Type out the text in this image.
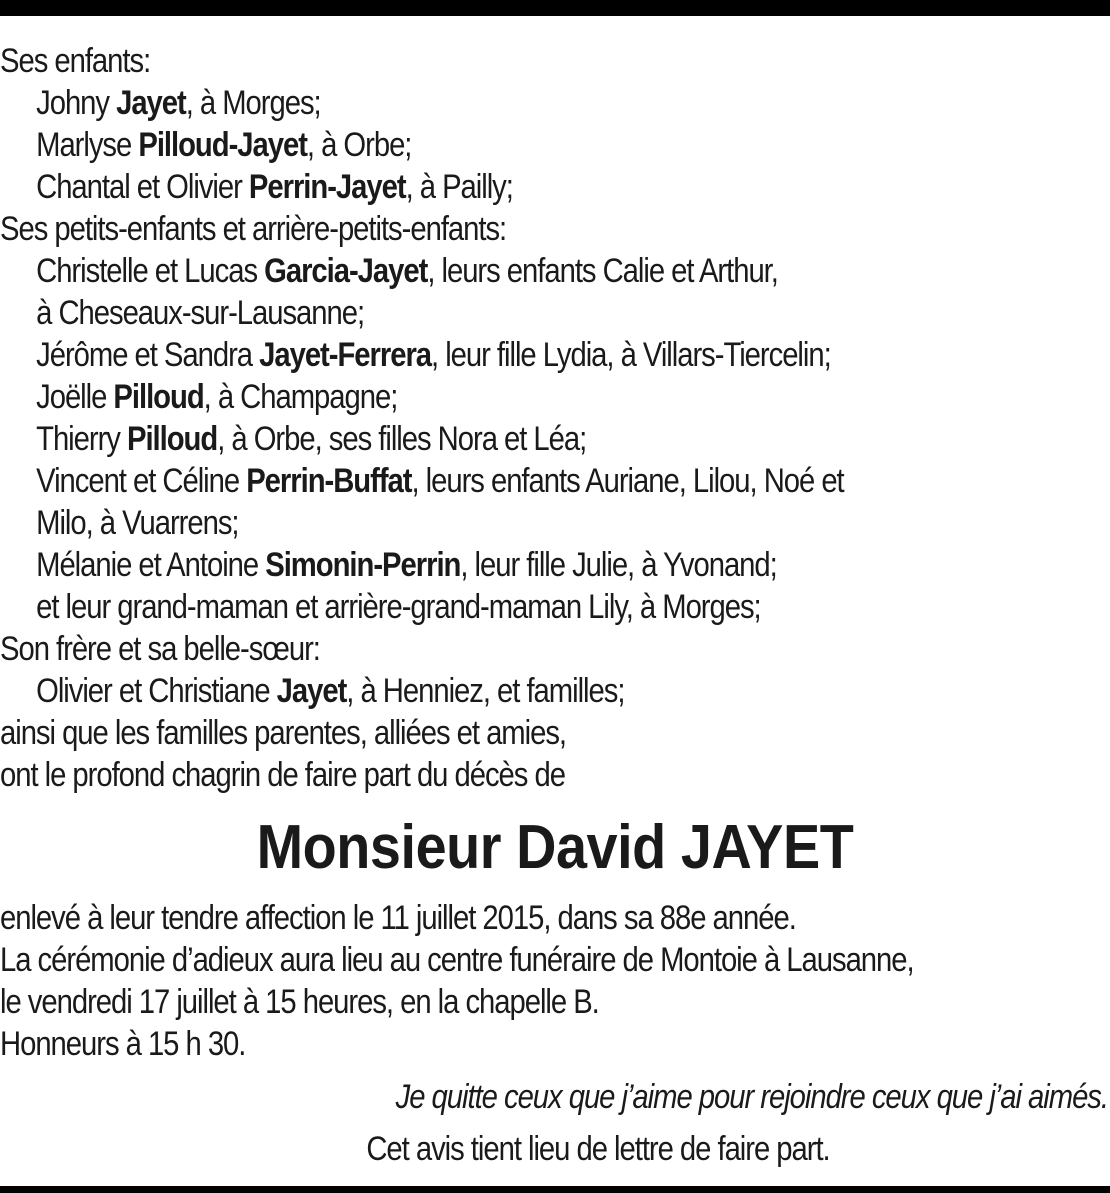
Ses enfants:
Johny Jayet, à Morges;
Marlyse Pilloud-Jayet, à Orbe;
Chantal et Olivier Perrin-Jayet, à Pailly;
Ses petits-enfants et arrière-petits-enfants:
Christelle et Lucas Garcia-Jayet, leurs enfants Calie et Arthur,
à Cheseaux-sur-Lausanne;
Jérôme et Sandra Jayet-Ferrera, leur fille Lydia, à Villars-Tiercelin;
Joëlle Pilloud, à Champagne;
Thierry Pilloud, à Orbe, ses filles Nora et Léa;
Vincent et Céline Perrin-Buffat, leurs enfants Auriane, Lilou, Noé et
Milo, à Vuarrens;
Mélanie et Antoine Simonin-Perrin, leur fille Julie, à Yvonand;
et leur grand-maman et arrière-grand-maman Lily, à Morges;
Son frère et sa belle-sœur:
Olivier et Christiane Jayet, à Henniez, et familles;
ainsi que les familles parentes, alliées et amies,
ont le profond chagrin de faire part du décès de
Monsieur David JAYET
enlevé à leur tendre affection le 11 juillet 2015, dans sa 88e année.
La cérémonie d’adieux aura lieu au centre funéraire de Montoie à Lausanne,
le vendredi 17 juillet à 15 heures, en la chapelle B.
Honneurs à 15 h 30.
Je quitte ceux que j’aime pour rejoindre ceux que j’ai aimés.
Cet avis tient lieu de lettre de faire part.
